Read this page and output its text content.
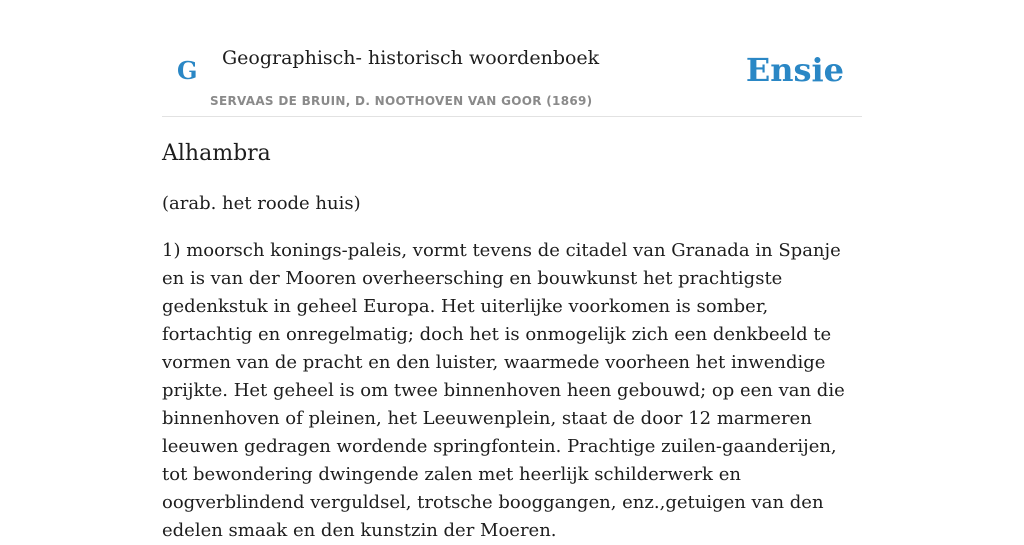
G Geographisch- historisch woordenboek
SERVAAS DE BRUIN, D. NOOTHOVEN VAN GOOR (1869)
Ensie
Alhambra

(arab. het roode huis)

1) moorsch konings-paleis, vormt tevens de citadel van Granada in Spanje en is van der Mooren overheersching en bouwkunst het prachtigste gedenkstuk in geheel Europa. Het uiterlijke voorkomen is somber, fortachtig en onregelmatig; doch het is onmogelijk zich een denkbeeld te vormen van de pracht en den luister, waarmede voorheen het inwendige prijkte. Het geheel is om twee binnenhoven heen gebouwd; op een van die binnenhoven of pleinen, het Leeuwenplein, staat de door 12 marmeren leeuwen gedragen wordende springfontein. Prachtige zuilen-gaanderijen, tot bewondering dwingende zalen met heerlijk schilderwerk en oogverblindend verguldsel, trotsche booggangen, enz.,getuigen van den edelen smaak en den kunstzin der Moeren.
